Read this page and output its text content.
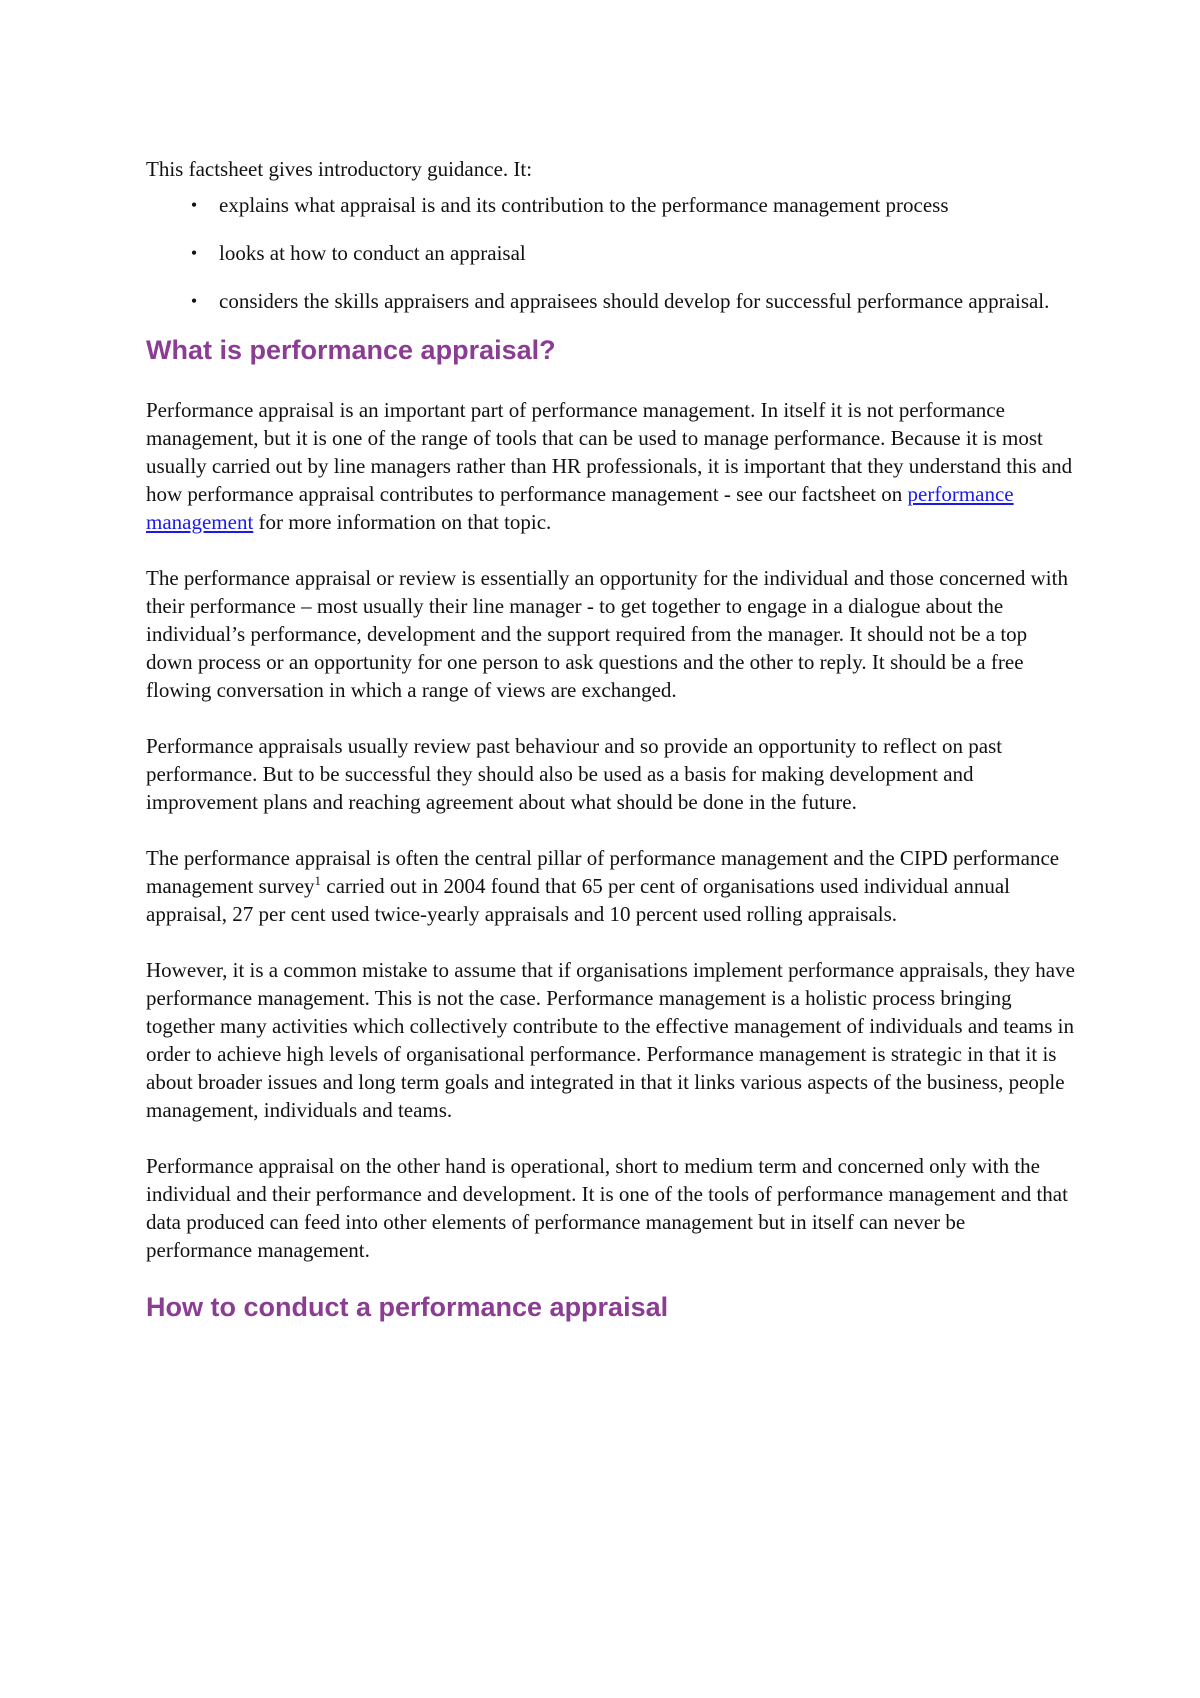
This factsheet gives introductory guidance. It:

•	explains what appraisal is and its contribution to the performance management process
•	looks at how to conduct an appraisal
•	considers the skills appraisers and appraisees should develop for successful performance appraisal.
What is performance appraisal?

Performance appraisal is an important part of performance management. In itself it is not performance management, but it is one of the range of tools that can be used to manage performance. Because it is most usually carried out by line managers rather than HR professionals, it is important that they understand this and how performance appraisal contributes to performance management - see our factsheet on performance management for more information on that topic.

The performance appraisal or review is essentially an opportunity for the individual and those concerned with their performance – most usually their line manager - to get together to engage in a dialogue about the individual’s performance, development and the support required from the manager. It should not be a top down process or an opportunity for one person to ask questions and the other to reply. It should be a free flowing conversation in which a range of views are exchanged.

Performance appraisals usually review past behaviour and so provide an opportunity to reflect on past performance. But to be successful they should also be used as a basis for making development and improvement plans and reaching agreement about what should be done in the future.

The performance appraisal is often the central pillar of performance management and the CIPD performance management survey$^1$ carried out in 2004 found that 65 per cent of organisations used individual annual appraisal, 27 per cent used twice-yearly appraisals and 10 percent used rolling appraisals.

However, it is a common mistake to assume that if organisations implement performance appraisals, they have performance management. This is not the case. Performance management is a holistic process bringing together many activities which collectively contribute to the effective management of individuals and teams in order to achieve high levels of organisational performance. Performance management is strategic in that it is about broader issues and long term goals and integrated in that it links various aspects of the business, people management, individuals and teams.

Performance appraisal on the other hand is operational, short to medium term and concerned only with the individual and their performance and development. It is one of the tools of performance management and that data produced can feed into other elements of performance management but in itself can never be performance management.

How to conduct a performance appraisal
